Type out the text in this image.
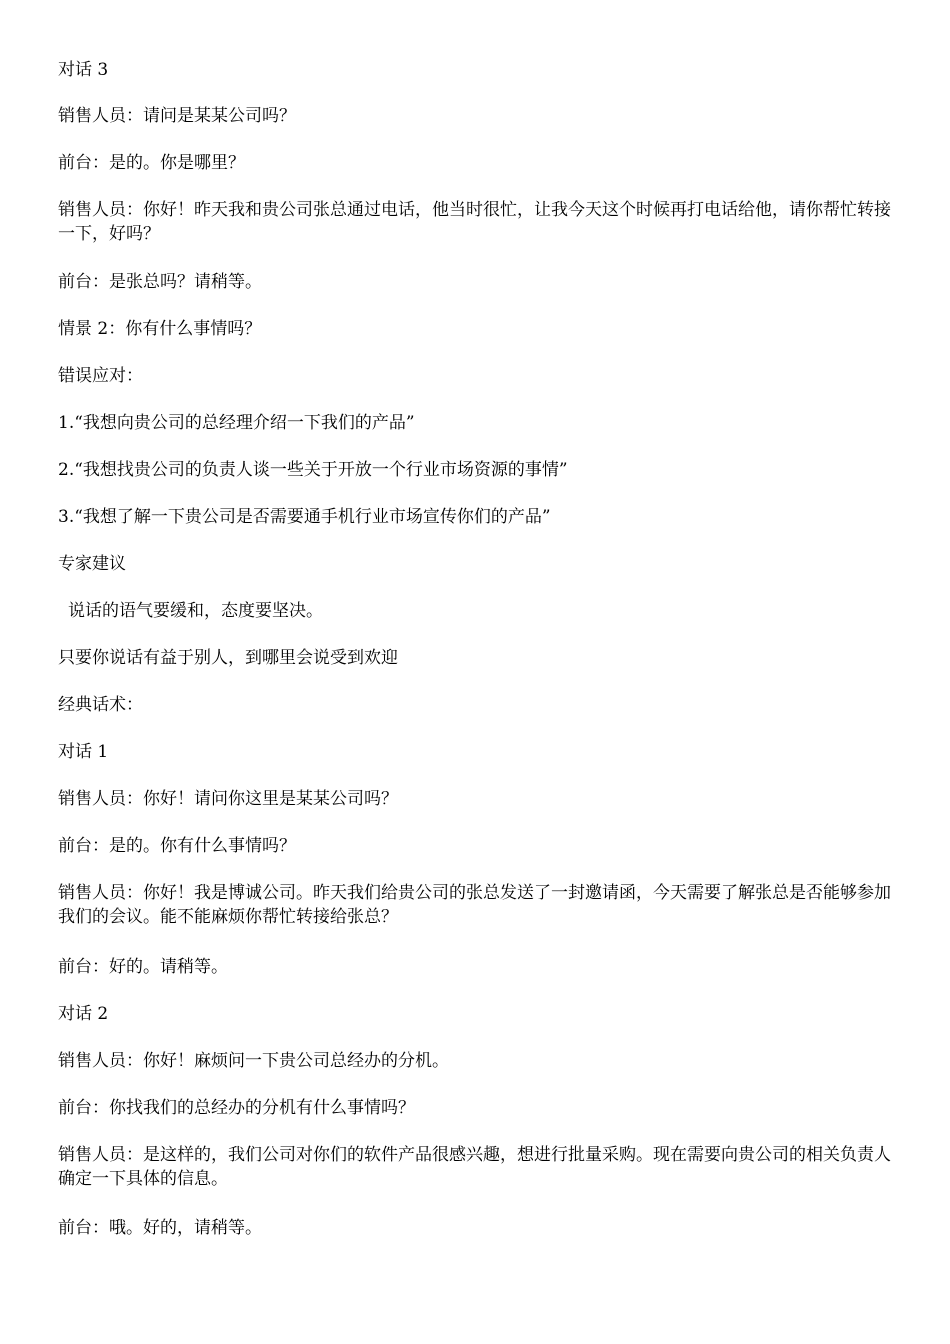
对话 3

销售人员：请问是某某公司吗？

前台：是的。你是哪里？

销售人员：你好！昨天我和贵公司张总通过电话，他当时很忙，让我今天这个时候再打电话给他，请你帮忙转接一下，好吗？

前台：是张总吗？请稍等。

情景 2：你有什么事情吗？

错误应对：

1.“我想向贵公司的总经理介绍一下我们的产品”

2.“我想找贵公司的负责人谈一些关于开放一个行业市场资源的事情”

3.“我想了解一下贵公司是否需要通手机行业市场宣传你们的产品”

专家建议

说话的语气要缓和，态度要坚决。

只要你说话有益于别人，到哪里会说受到欢迎

经典话术：

对话 1

销售人员：你好！请问你这里是某某公司吗？

前台：是的。你有什么事情吗？

销售人员：你好！我是博诚公司。昨天我们给贵公司的张总发送了一封邀请函，今天需要了解张总是否能够参加我们的会议。能不能麻烦你帮忙转接给张总？

前台：好的。请稍等。

对话 2

销售人员：你好！麻烦问一下贵公司总经办的分机。

前台：你找我们的总经办的分机有什么事情吗？

销售人员：是这样的，我们公司对你们的软件产品很感兴趣，想进行批量采购。现在需要向贵公司的相关负责人确定一下具体的信息。

前台：哦。好的，请稍等。
